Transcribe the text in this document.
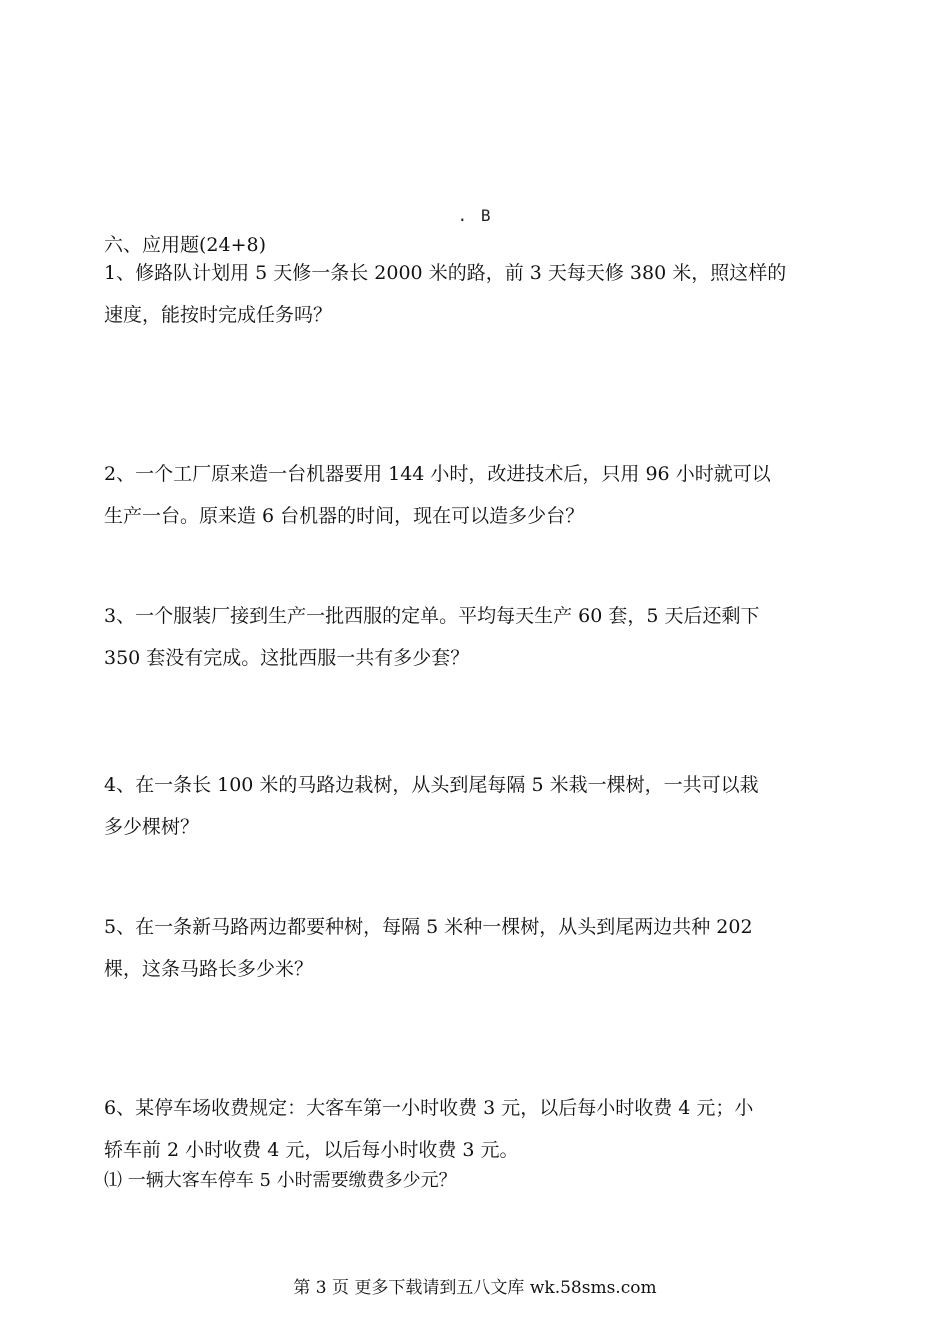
. B
六、应用题(24+8)
1、修路队计划用 5 天修一条长 2000 米的路，前 3 天每天修 380 米，照这样的
速度，能按时完成任务吗？
2、一个工厂原来造一台机器要用 144 小时，改进技术后，只用 96 小时就可以
生产一台。原来造 6 台机器的时间，现在可以造多少台？
3、一个服装厂接到生产一批西服的定单。平均每天生产 60 套，5 天后还剩下
350 套没有完成。这批西服一共有多少套？
4、在一条长 100 米的马路边栽树，从头到尾每隔 5 米栽一棵树，一共可以栽
多少棵树？
5、在一条新马路两边都要种树，每隔 5 米种一棵树，从头到尾两边共种 202
棵，这条马路长多少米？
6、某停车场收费规定：大客车第一小时收费 3 元，以后每小时收费 4 元；小
轿车前 2 小时收费 4 元，以后每小时收费 3 元。
⑴ 一辆大客车停车 5 小时需要缴费多少元？
第 3 页 更多下载请到五八文库 wk.58sms.com
